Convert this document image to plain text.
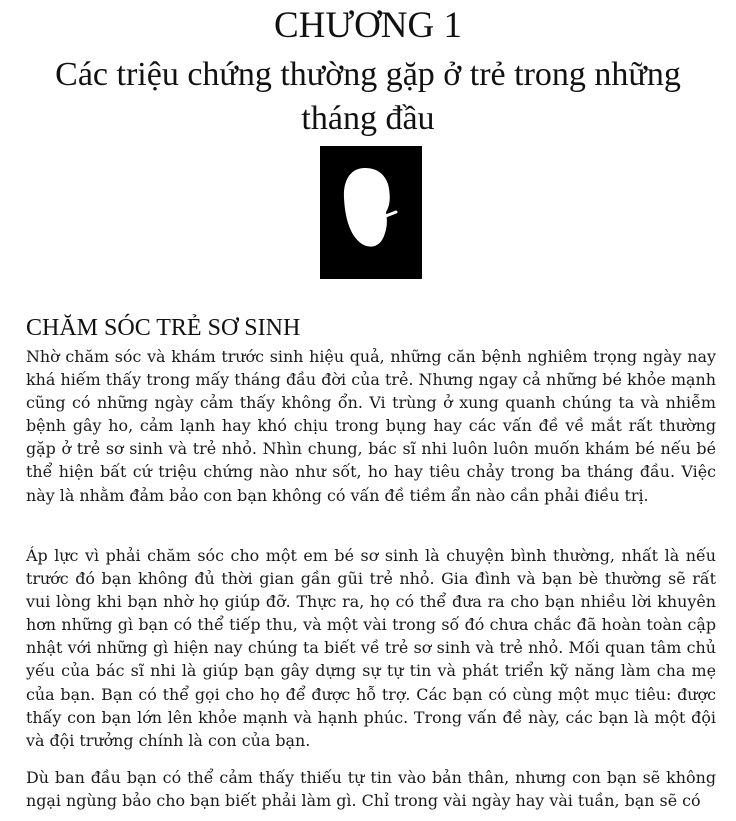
CHƯƠNG 1
Các triệu chứng thường gặp ở trẻ trong những tháng đầu
CHĂM SÓC TRẺ SƠ SINH

Nhờ chăm sóc và khám trước sinh hiệu quả, những căn bệnh nghiêm trọng ngày nay khá hiếm thấy trong mấy tháng đầu đời của trẻ. Nhưng ngay cả những bé khỏe mạnh cũng có những ngày cảm thấy không ổn. Vi trùng ở xung quanh chúng ta và nhiễm bệnh gây ho, cảm lạnh hay khó chịu trong bụng hay các vấn đề về mắt rất thường gặp ở trẻ sơ sinh và trẻ nhỏ. Nhìn chung, bác sĩ nhi luôn luôn muốn khám bé nếu bé thể hiện bất cứ triệu chứng nào như sốt, ho hay tiêu chảy trong ba tháng đầu. Việc này là nhằm đảm bảo con bạn không có vấn đề tiềm ẩn nào cần phải điều trị.

Áp lực vì phải chăm sóc cho một em bé sơ sinh là chuyện bình thường, nhất là nếu trước đó bạn không đủ thời gian gần gũi trẻ nhỏ. Gia đình và bạn bè thường sẽ rất vui lòng khi bạn nhờ họ giúp đỡ. Thực ra, họ có thể đưa ra cho bạn nhiều lời khuyên hơn những gì bạn có thể tiếp thu, và một vài trong số đó chưa chắc đã hoàn toàn cập nhật với những gì hiện nay chúng ta biết về trẻ sơ sinh và trẻ nhỏ. Mối quan tâm chủ yếu của bác sĩ nhi là giúp bạn gây dựng sự tự tin và phát triển kỹ năng làm cha mẹ của bạn. Bạn có thể gọi cho họ để được hỗ trợ. Các bạn có cùng một mục tiêu: được thấy con bạn lớn lên khỏe mạnh và hạnh phúc. Trong vấn đề này, các bạn là một đội và đội trưởng chính là con của bạn.

Dù ban đầu bạn có thể cảm thấy thiếu tự tin vào bản thân, nhưng con bạn sẽ không ngại ngùng bảo cho bạn biết phải làm gì. Chỉ trong vài ngày hay vài tuần, bạn sẽ có
